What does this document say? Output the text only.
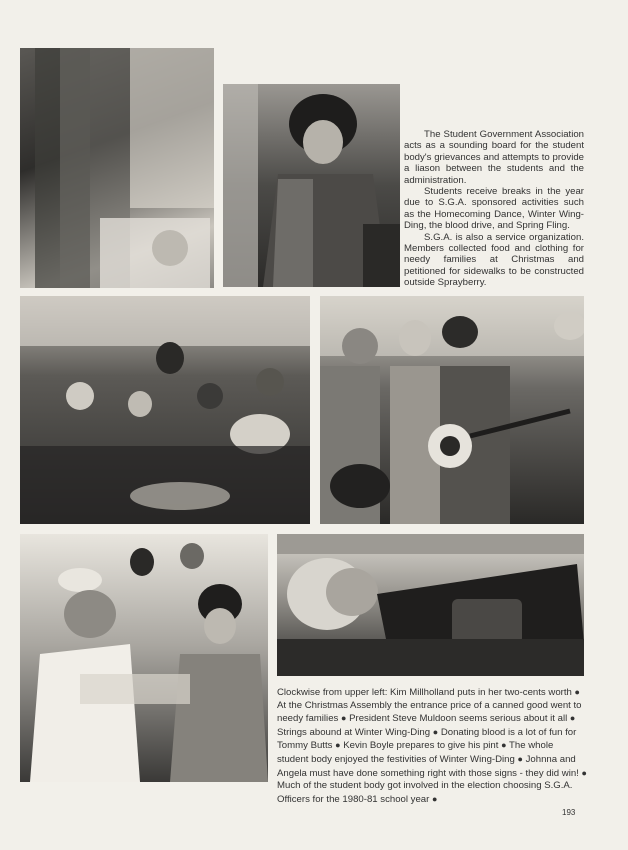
The Student Government Association acts as a sounding board for the student body's grievances and attempts to provide a liason between the students and the administration.

Students receive breaks in the year due to S.G.A. sponsored activities such as the Homecoming Dance, Winter Wing-Ding, the blood drive, and Spring Fling.

S.G.A. is also a service organization. Members collected food and clothing for needy families at Christmas and petitioned for sidewalks to be constructed outside Sprayberry.

Clockwise from upper left: Kim Millholland puts in her two-cents worth ● At the Christmas Assembly the entrance price of a canned good went to needy families ● President Steve Muldoon seems serious about it all ● Strings abound at Winter Wing-Ding ● Donating blood is a lot of fun for Tommy Butts ● Kevin Boyle prepares to give his pint ● The whole student body enjoyed the festivities of Winter Wing-Ding ● Johnna and Angela must have done something right with those signs - they did win! ● Much of the student body got involved in the election choosing S.G.A. Officers for the 1980-81 school year ●
193
